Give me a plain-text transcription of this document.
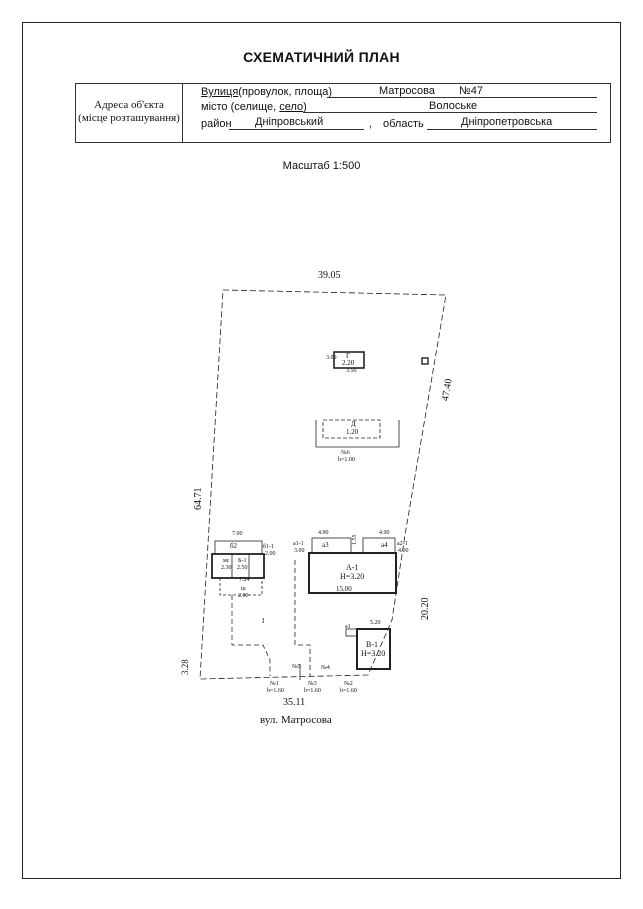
СХЕМАТИЧНИЙ ПЛАН
Адреса об'єкта
(місце розташування)
Вулиця(провулок, площа)	Матросова №47
місто (селище, село)	Волоське
район Дніпровський	, область	Дніпропетровська
Масштаб 1:500
39.05
47.40
20.20
64.71
3.28
35.11
вул. Матросова
Г
2.20
3.50
3.00
Д
1.20
№6
h=1.00
А-1
H=3.20
15.00
а1-1
3.00
а3	а4 а2-1
4.00
4.90	4.90
1.55
б2
7.00
мс
2.30
Б-1
2.50
б1-1
2.00
7.24
ш
2.00
I
В-1
H=3.20
а1
5.20
№1
h=1.60
№3
h=1.60
№2
h=1.60
№4
№5
